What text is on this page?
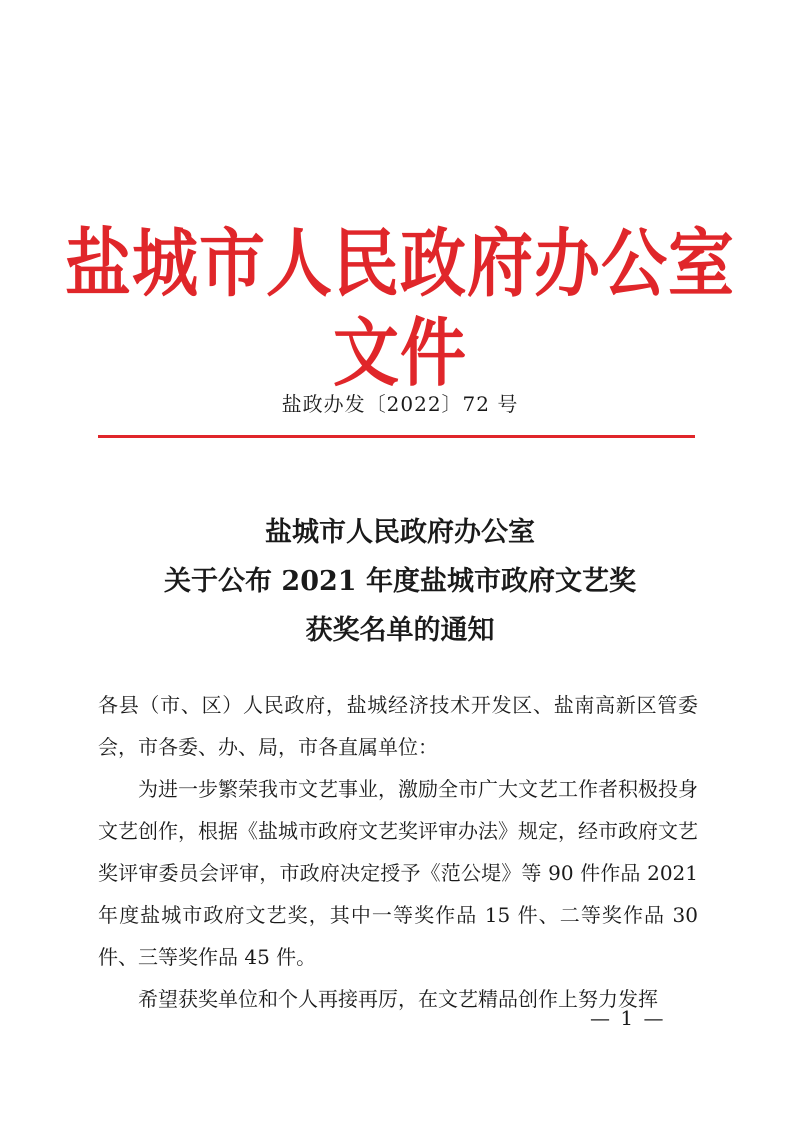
盐城市人民政府办公室文件
盐政办发〔2022〕72 号
盐城市人民政府办公室
关于公布 2021 年度盐城市政府文艺奖
获奖名单的通知
各县（市、区）人民政府，盐城经济技术开发区、盐南高新区管委会，市各委、办、局，市各直属单位：
为进一步繁荣我市文艺事业，激励全市广大文艺工作者积极投身文艺创作，根据《盐城市政府文艺奖评审办法》规定，经市政府文艺奖评审委员会评审，市政府决定授予《范公堤》等 90 件作品 2021 年度盐城市政府文艺奖，其中一等奖作品 15 件、二等奖作品 30 件、三等奖作品 45 件。
希望获奖单位和个人再接再厉，在文艺精品创作上努力发挥
— 1 —
